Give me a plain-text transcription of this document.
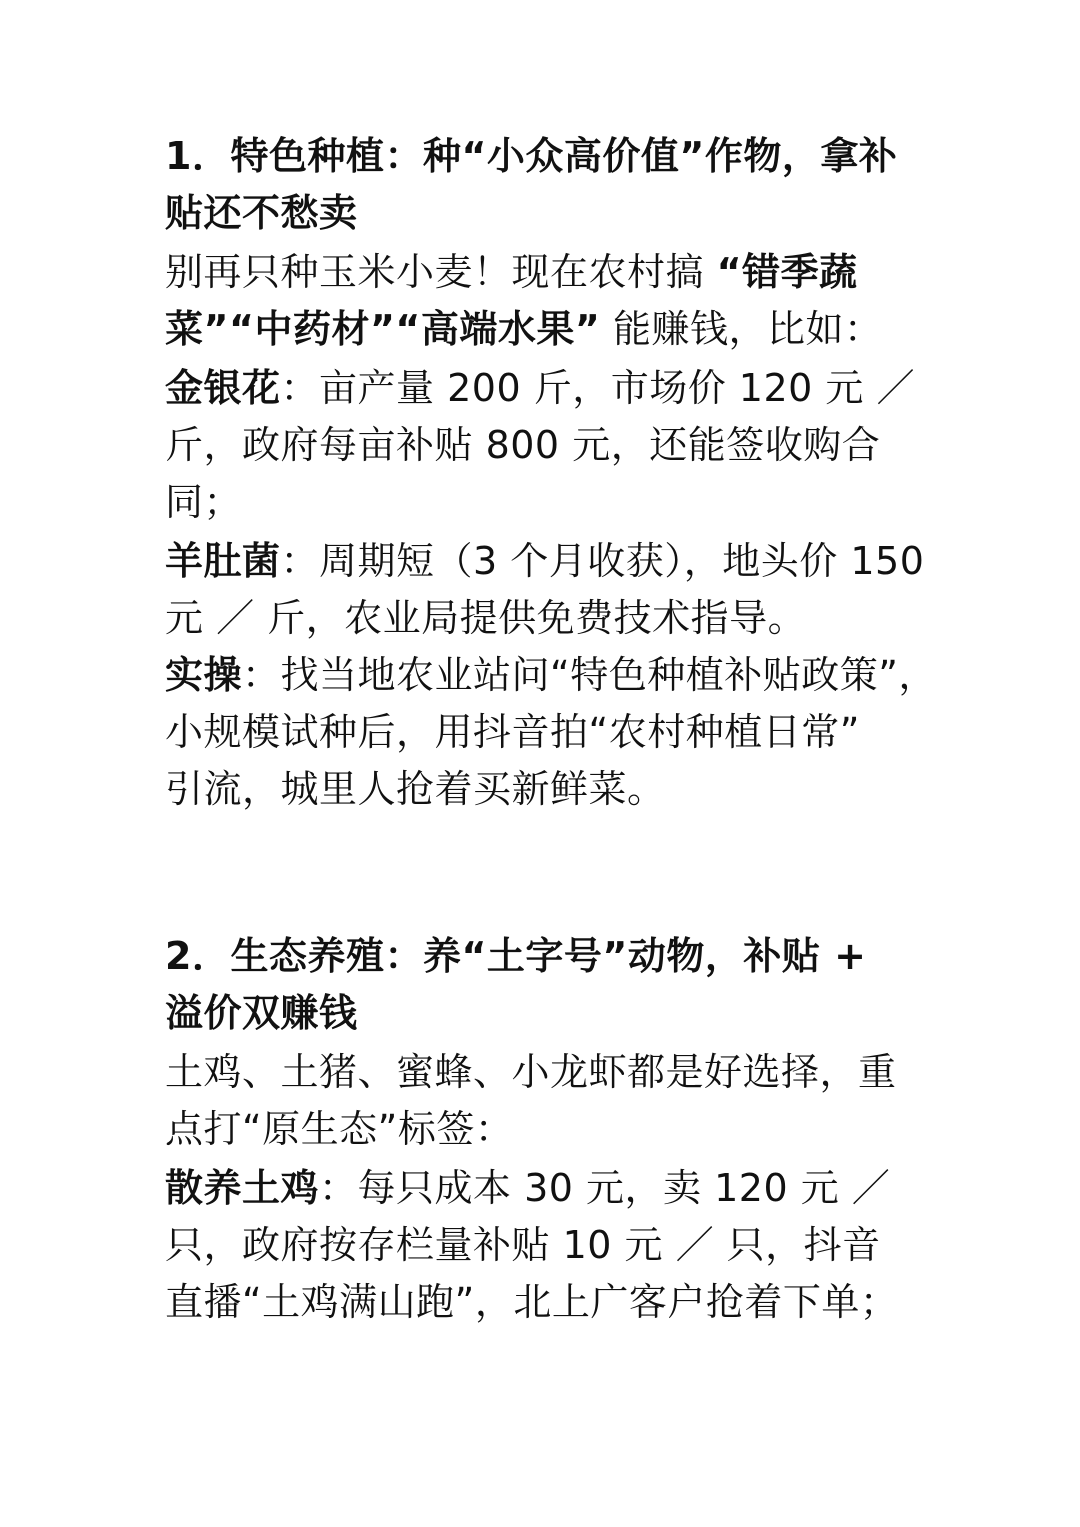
1．特色种植：种“小众高价值”作物，拿补
贴还不愁卖
别再只种玉米小麦！现在农村搞 “错季蔬
菜”“中药材”“高端水果” 能赚钱，比如：
金银花：亩产量 200 斤，市场价 120 元 ／
斤，政府每亩补贴 800 元，还能签收购合
同；
羊肚菌：周期短（3 个月收获），地头价 150
元 ／ 斤，农业局提供免费技术指导。
实操：找当地农业站问“特色种植补贴政策”，
小规模试种后，用抖音拍“农村种植日常”
引流，城里人抢着买新鲜菜。
2．生态养殖：养“土字号”动物，补贴 +
溢价双赚钱
土鸡、土猪、蜜蜂、小龙虾都是好选择，重
点打“原生态”标签：
散养土鸡：每只成本 30 元，卖 120 元 ／
只，政府按存栏量补贴 10 元 ／ 只，抖音
直播“土鸡满山跑”，北上广客户抢着下单；
